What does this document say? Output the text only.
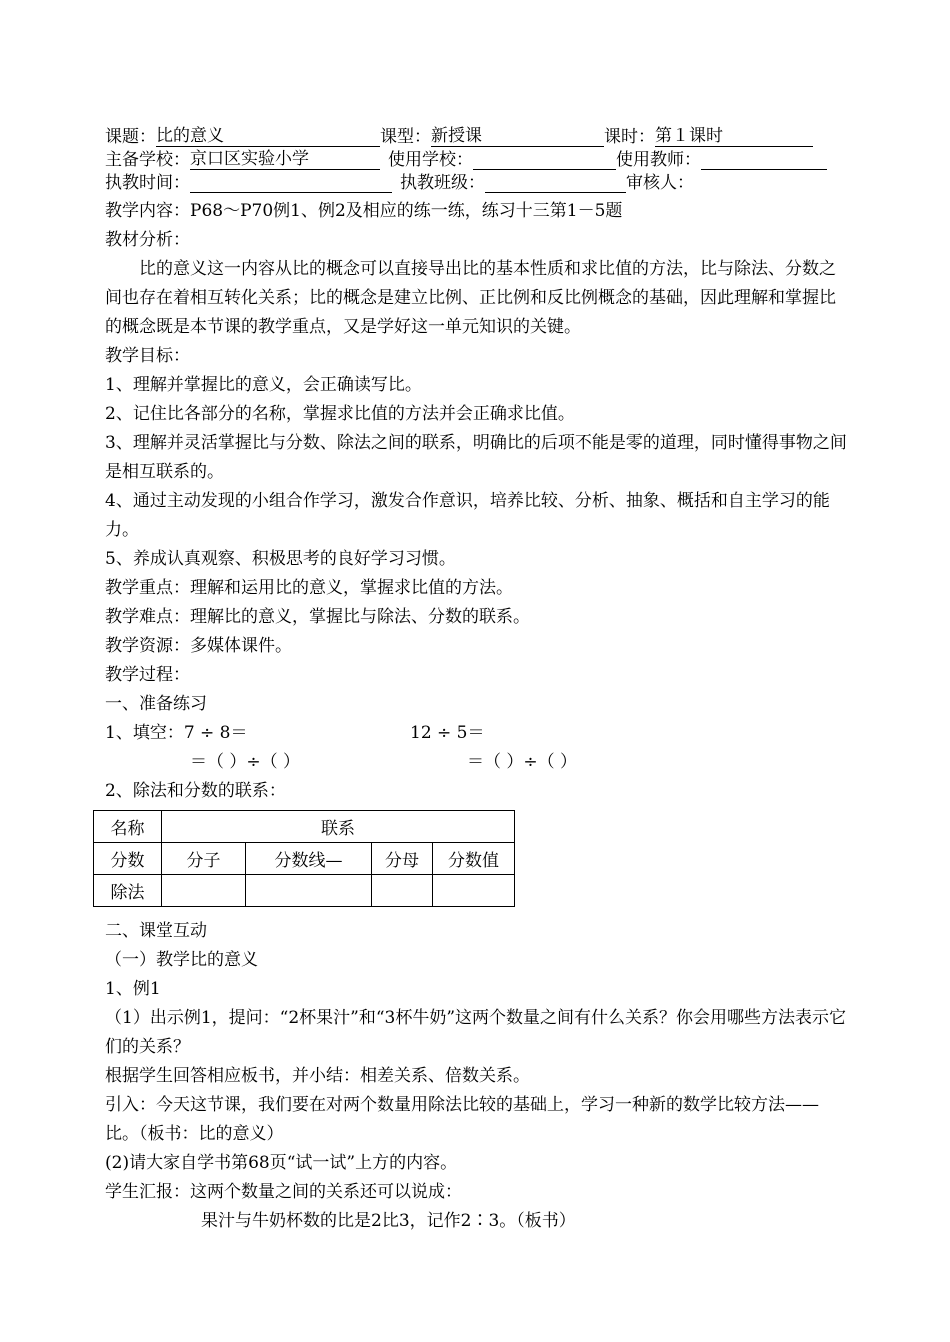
课题： 比的意义	课型： 新授课	课时： 第１课时
主备学校： 京口区实验小学	使用学校：	使用教师：
执教时间：	执教班级：	审核人：
教学内容：P68～P70例1、例2及相应的练一练，练习十三第1－5题
教材分析：
比的意义这一内容从比的概念可以直接导出比的基本性质和求比值的方法，比与除法、分数之间也存在着相互转化关系；比的概念是建立比例、正比例和反比例概念的基础，因此理解和掌握比的概念既是本节课的教学重点，又是学好这一单元知识的关键。
教学目标：
1、理解并掌握比的意义，会正确读写比。
2、记住比各部分的名称，掌握求比值的方法并会正确求比值。
3、理解并灵活掌握比与分数、除法之间的联系，明确比的后项不能是零的道理，同时懂得事物之间是相互联系的。
4、通过主动发现的小组合作学习，激发合作意识，培养比较、分析、抽象、概括和自主学习的能力。
5、养成认真观察、积极思考的良好学习习惯。
教学重点：理解和运用比的意义，掌握求比值的方法。
教学难点：理解比的意义，掌握比与除法、分数的联系。
教学资源：多媒体课件。
教学过程：
一、准备练习
1、填空：7 ÷ 8＝	12 ÷ 5＝
＝（ ）÷（ ）	＝（ ）÷（ ）
2、除法和分数的联系：
名称	联系			
分数	分子	分数线—	分母	分数值
除法				
二、课堂互动
（一）教学比的意义
1、例1
（1）出示例1，提问：“2杯果汁”和“3杯牛奶”这两个数量之间有什么关系？你会用哪些方法表示它们的关系？
根据学生回答相应板书，并小结：相差关系、倍数关系。
引入：今天这节课，我们要在对两个数量用除法比较的基础上，学习一种新的数学比较方法——比。（板书：比的意义）
(2)请大家自学书第68页“试一试”上方的内容。
学生汇报：这两个数量之间的关系还可以说成：
果汁与牛奶杯数的比是2比3，记作2∶3。（板书）
